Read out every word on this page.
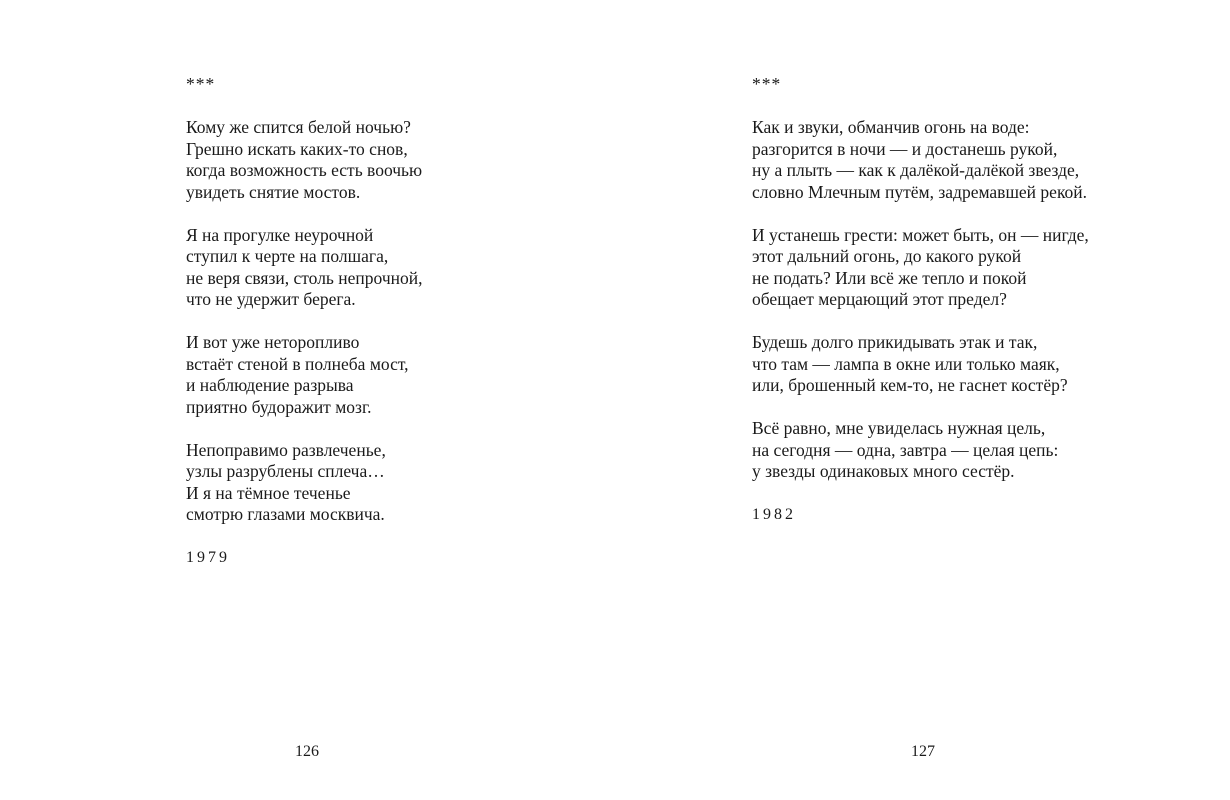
***
Кому же спится белой ночью?
Грешно искать каких-то снов,
когда возможность есть воочью
увидеть снятие мостов.
Я на прогулке неурочной
ступил к черте на полшага,
не веря связи, столь непрочной,
что не удержит берега.
И вот уже неторопливо
встаёт стеной в полнеба мост,
и наблюдение разрыва
приятно будоражит мозг.
Непоправимо развлеченье,
узлы разрублены сплеча…
И я на тёмное теченье
смотрю глазами москвича.
1979
126
***
Как и звуки, обманчив огонь на воде:
разгорится в ночи — и достанешь рукой,
ну а плыть — как к далёкой-далёкой звезде,
словно Млечным путём, задремавшей рекой.
И устанешь грести: может быть, он — нигде,
этот дальний огонь, до какого рукой
не подать? Или всё же тепло и покой
обещает мерцающий этот предел?
Будешь долго прикидывать этак и так,
что там — лампа в окне или только маяк,
или, брошенный кем-то, не гаснет костёр?
Всё равно, мне увиделась нужная цель,
на сегодня — одна, завтра — целая цепь:
у звезды одинаковых много сестёр.
1982
127
